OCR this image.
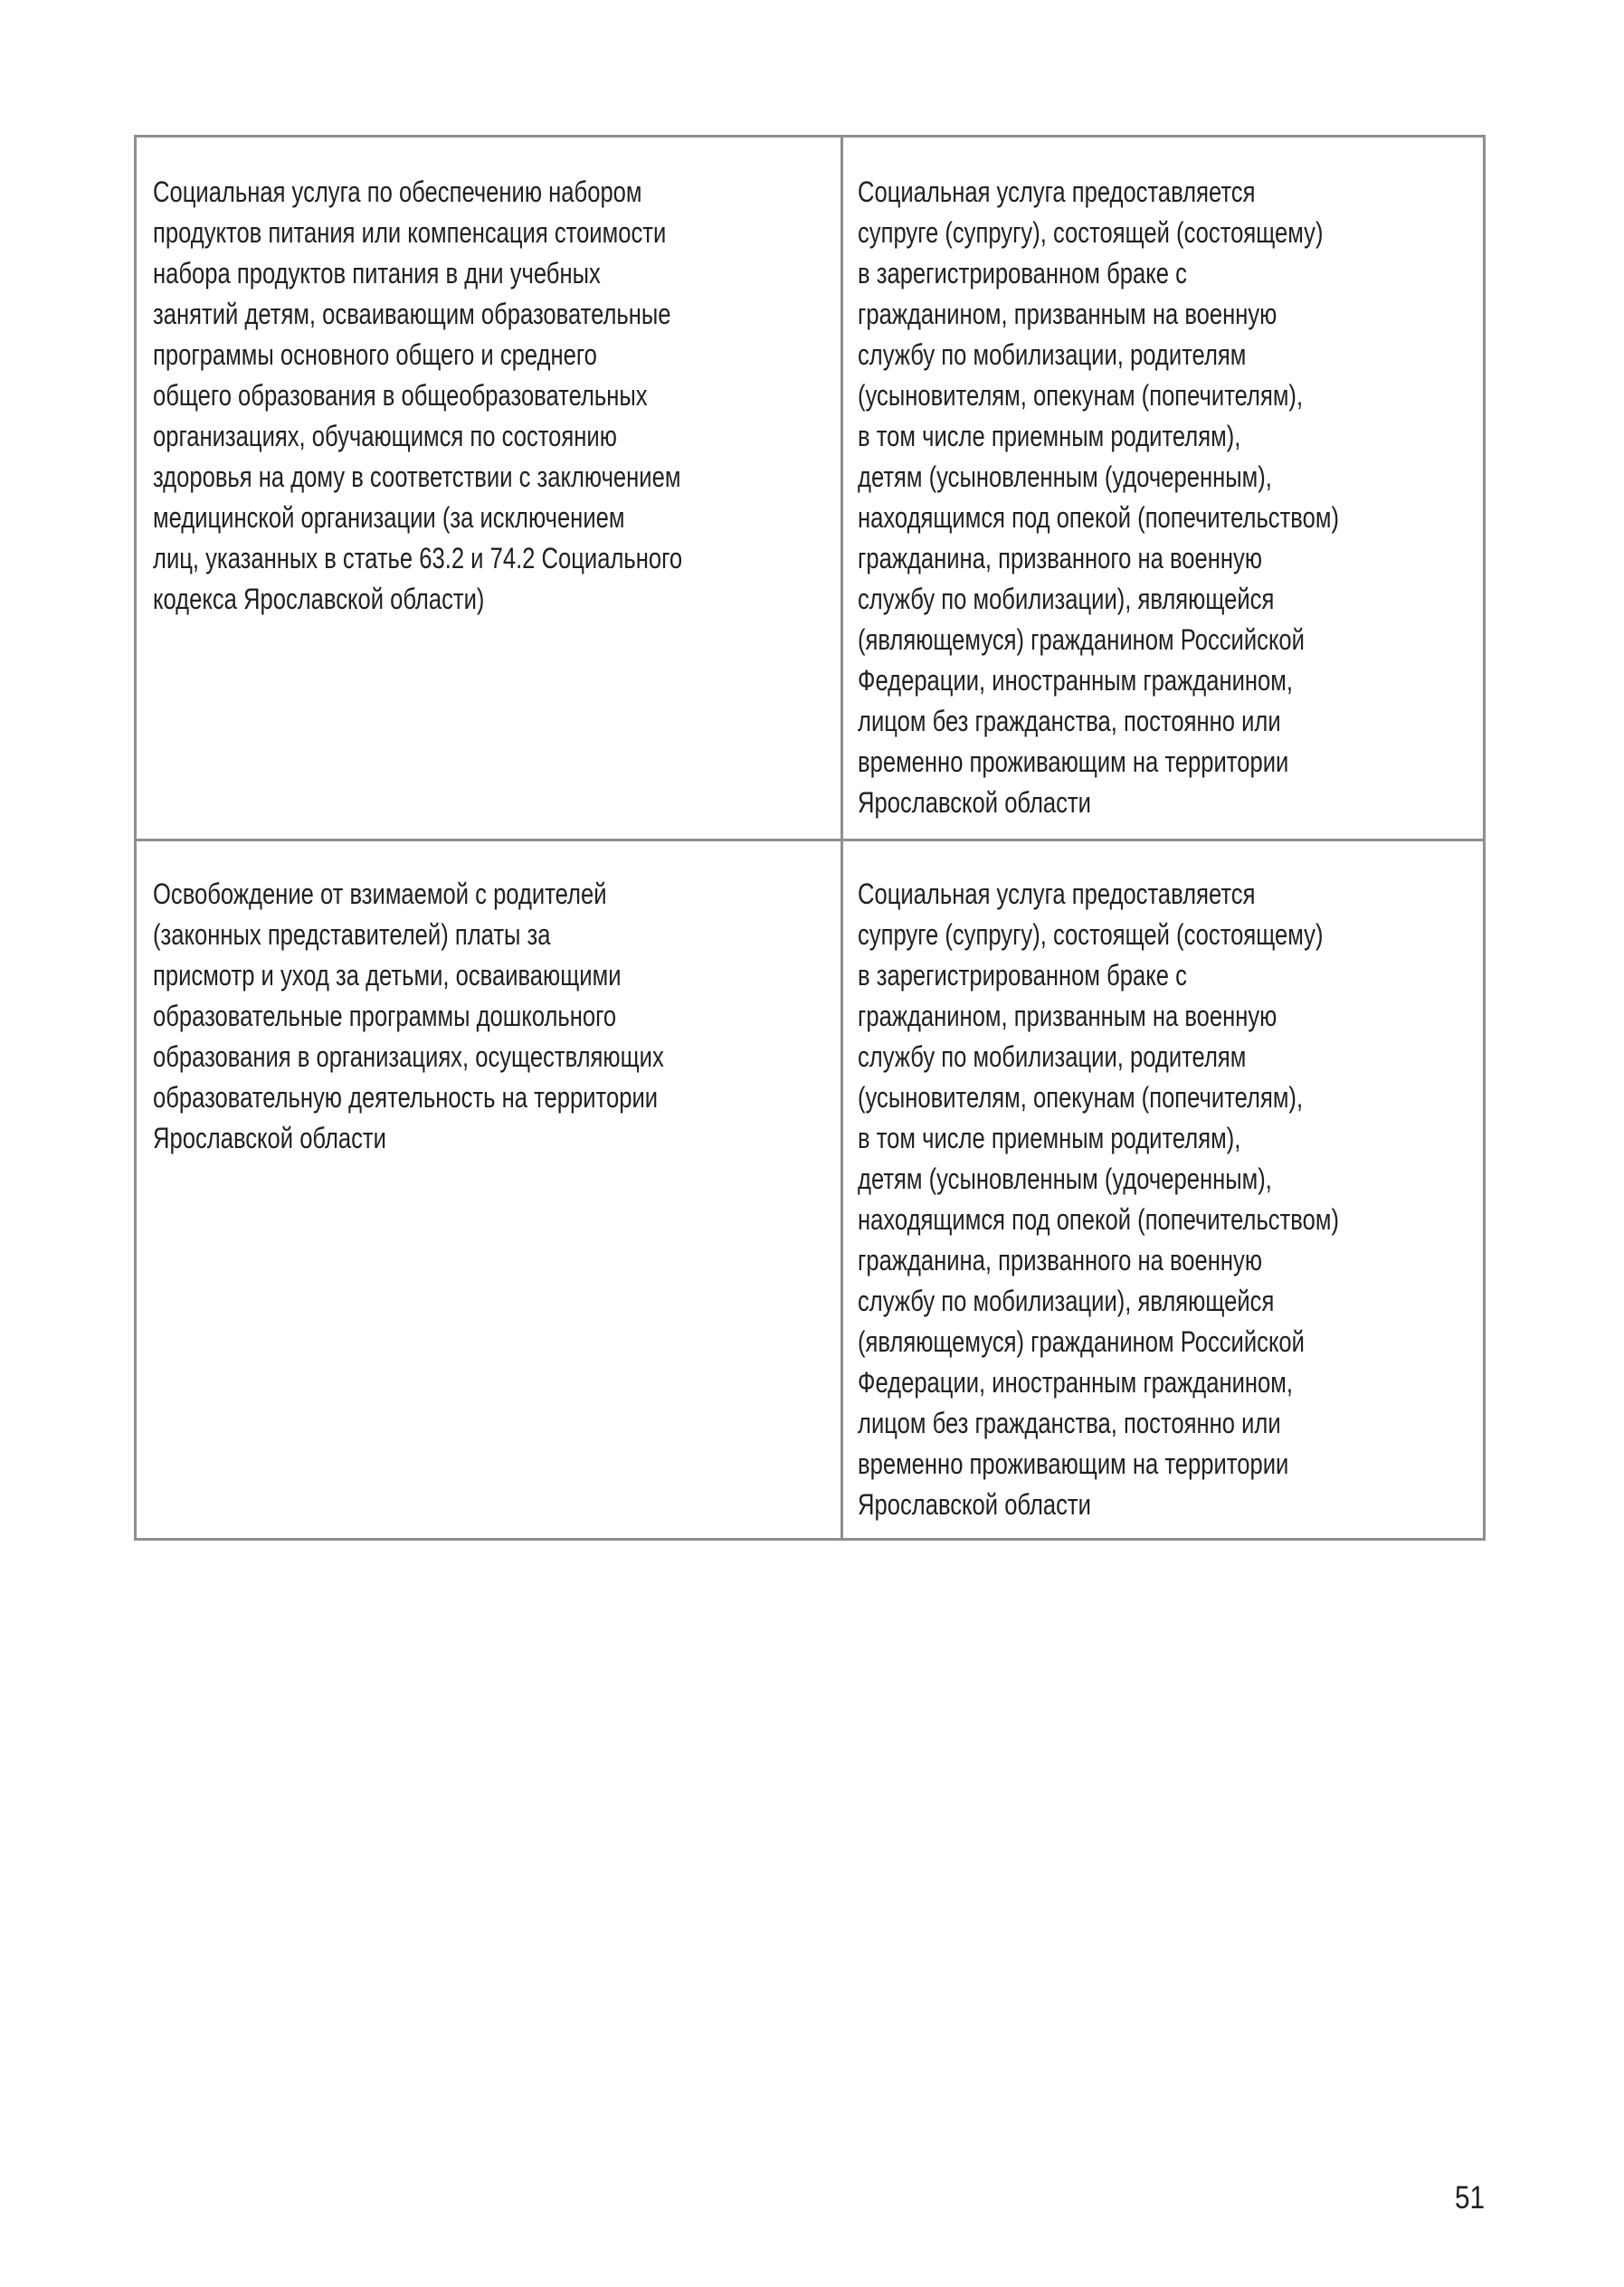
Социальная услуга по обеспечению набором
продуктов питания или компенсация стоимости
набора продуктов питания в дни учебных
занятий детям, осваивающим образовательные
программы основного общего и среднего
общего образования в общеобразовательных
организациях, обучающимся по состоянию
здоровья на дому в соответствии с заключением
медицинской организации (за исключением
лиц, указанных в статье 63.2 и 74.2 Социального
кодекса Ярославской области)
Социальная услуга предоставляется
супруге (супругу), состоящей (состоящему)
в зарегистрированном браке с
гражданином, призванным на военную
службу по мобилизации, родителям
(усыновителям, опекунам (попечителям),
в том числе приемным родителям),
детям (усыновленным (удочеренным),
находящимся под опекой (попечительством)
гражданина, призванного на военную
службу по мобилизации), являющейся
(являющемуся) гражданином Российской
Федерации, иностранным гражданином,
лицом без гражданства, постоянно или
временно проживающим на территории
Ярославской области
Освобождение от взимаемой с родителей
(законных представителей) платы за
присмотр и уход за детьми, осваивающими
образовательные программы дошкольного
образования в организациях, осуществляющих
образовательную деятельность на территории
Ярославской области
Социальная услуга предоставляется
супруге (супругу), состоящей (состоящему)
в зарегистрированном браке с
гражданином, призванным на военную
службу по мобилизации, родителям
(усыновителям, опекунам (попечителям),
в том числе приемным родителям),
детям (усыновленным (удочеренным),
находящимся под опекой (попечительством)
гражданина, призванного на военную
службу по мобилизации), являющейся
(являющемуся) гражданином Российской
Федерации, иностранным гражданином,
лицом без гражданства, постоянно или
временно проживающим на территории
Ярославской области
51
